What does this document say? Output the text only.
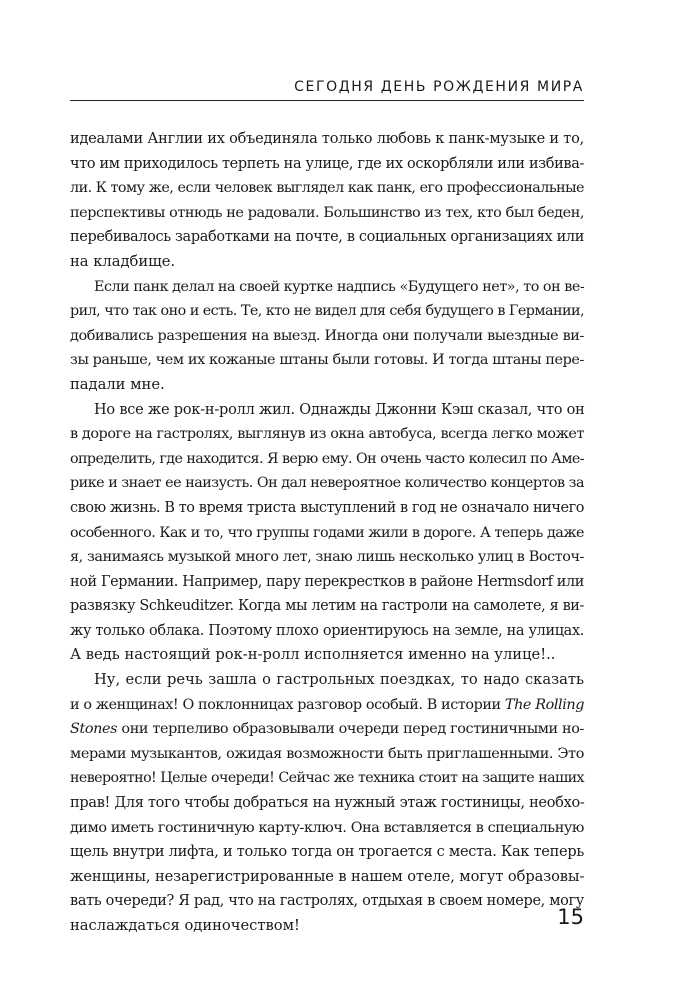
СЕГОДНЯ ДЕНЬ РОЖДЕНИЯ МИРА
идеалами Англии их объединяла только любовь к панк-музыке и то,
что им приходилось терпеть на улице, где их оскорбляли или избива-
ли. К тому же, если человек выглядел как панк, его профессиональные
перспективы отнюдь не радовали. Большинство из тех, кто был беден,
перебивалось заработками на почте, в социальных организациях или
на кладбище.
Если панк делал на своей куртке надпись «Будущего нет», то он ве-
рил, что так оно и есть. Те, кто не видел для себя будущего в Германии,
добивались разрешения на выезд. Иногда они получали выездные ви-
зы раньше, чем их кожаные штаны были готовы. И тогда штаны пере-
падали мне.
Но все же рок-н-ролл жил. Однажды Джонни Кэш сказал, что он
в дороге на гастролях, выглянув из окна автобуса, всегда легко может
определить, где находится. Я верю ему. Он очень часто колесил по Аме-
рике и знает ее наизусть. Он дал невероятное количество концертов за
свою жизнь. В то время триста выступлений в год не означало ничего
особенного. Как и то, что группы годами жили в дороге. А теперь даже
я, занимаясь музыкой много лет, знаю лишь несколько улиц в Восточ-
ной Германии. Например, пару перекрестков в районе Hermsdorf или
развязку Schkeuditzer. Когда мы летим на гастроли на самолете, я ви-
жу только облака. Поэтому плохо ориентируюсь на земле, на улицах.
А ведь настоящий рок-н-ролл исполняется именно на улице!..
Ну, если речь зашла о гастрольных поездках, то надо сказать
и о женщинах! О поклонницах разговор особый. В истории The Rolling
Stones они терпеливо образовывали очереди перед гостиничными но-
мерами музыкантов, ожидая возможности быть приглашенными. Это
невероятно! Целые очереди! Сейчас же техника стоит на защите наших
прав! Для того чтобы добраться на нужный этаж гостиницы, необхо-
димо иметь гостиничную карту-ключ. Она вставляется в специальную
щель внутри лифта, и только тогда он трогается с места. Как теперь
женщины, незарегистрированные в нашем отеле, могут образовы-
вать очереди? Я рад, что на гастролях, отдыхая в своем номере, могу
наслаждаться одиночеством!	15
